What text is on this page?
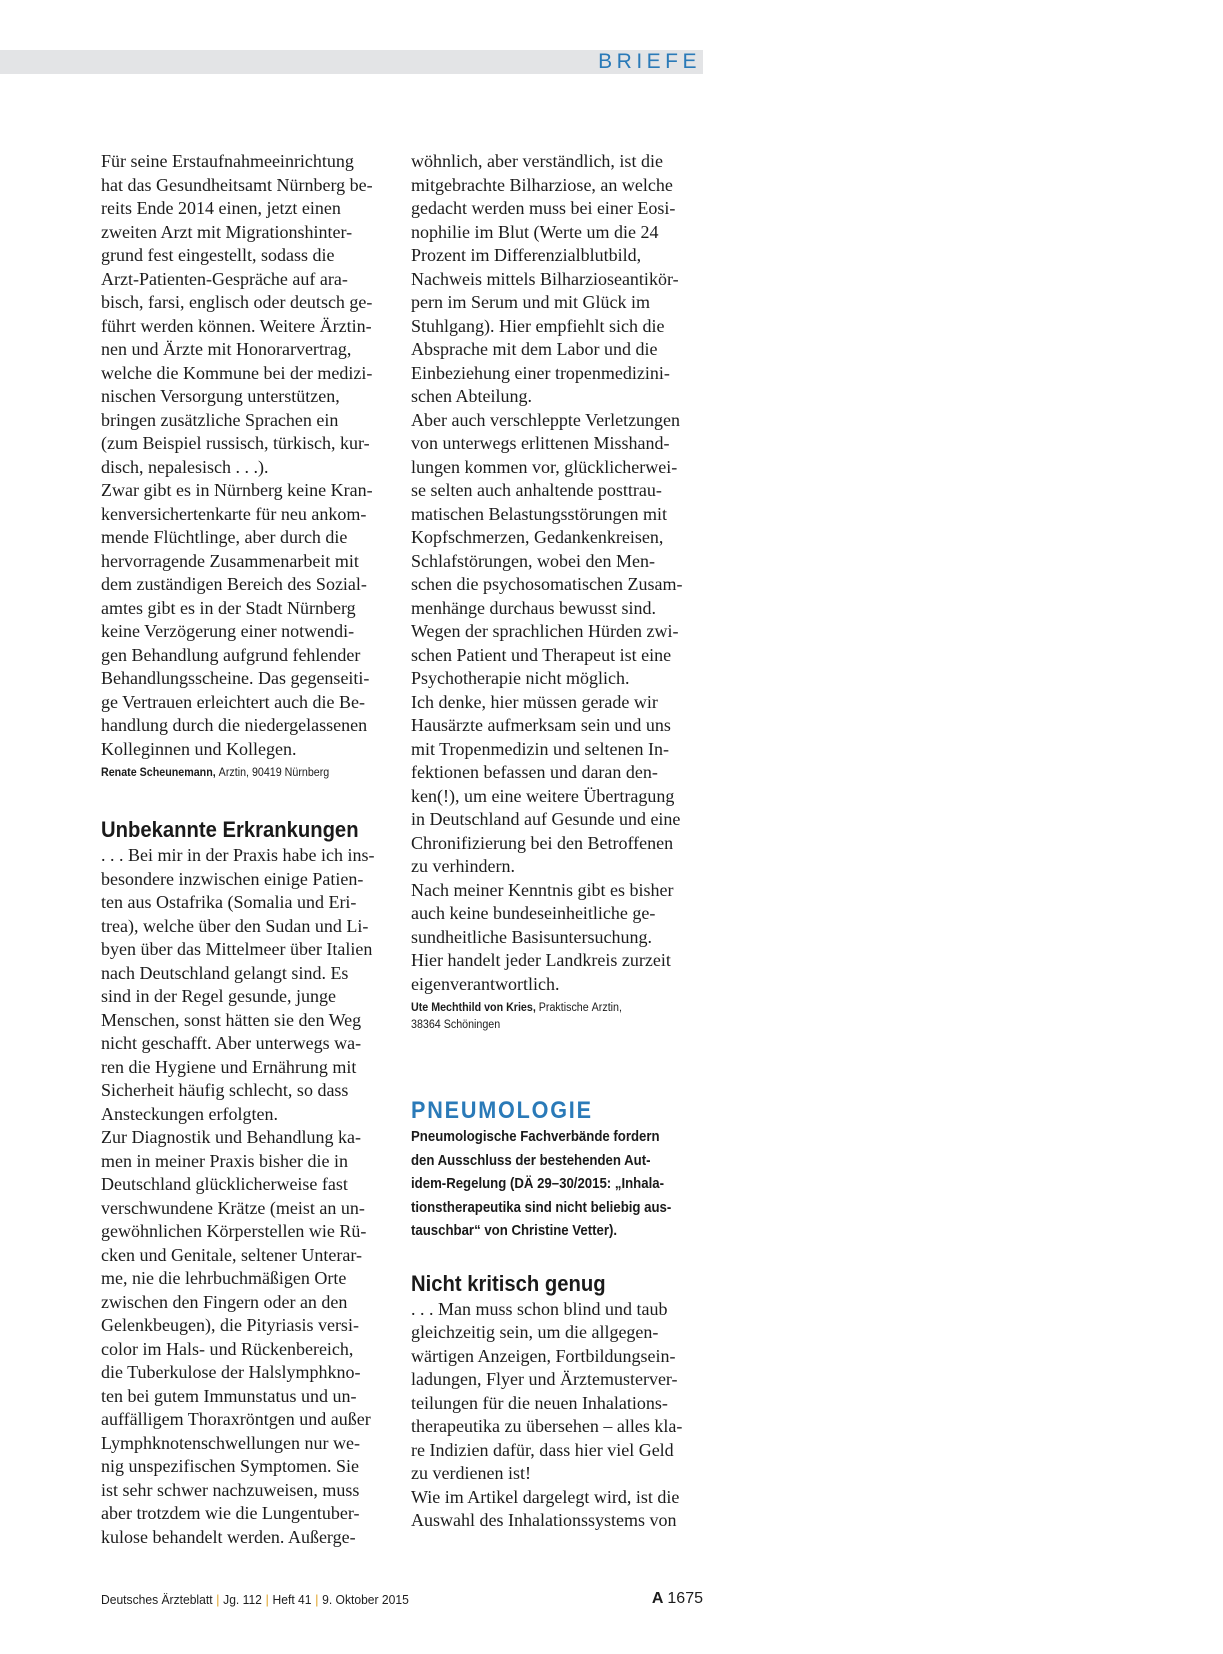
BRIEFE
Für seine Erstaufnahmeeinrichtung
hat das Gesundheitsamt Nürnberg be-
reits Ende 2014 einen, jetzt einen
zweiten Arzt mit Migrationshinter-
grund fest eingestellt, sodass die
Arzt-Patienten-Gespräche auf ara-
bisch, farsi, englisch oder deutsch ge-
führt werden können. Weitere Ärztin-
nen und Ärzte mit Honorarvertrag,
welche die Kommune bei der medizi-
nischen Versorgung unterstützen,
bringen zusätzliche Sprachen ein
(zum Beispiel russisch, türkisch, kur-
disch, nepalesisch . . .).
Zwar gibt es in Nürnberg keine Kran-
kenversichertenkarte für neu ankom-
mende Flüchtlinge, aber durch die
hervorragende Zusammenarbeit mit
dem zuständigen Bereich des Sozial-
amtes gibt es in der Stadt Nürnberg
keine Verzögerung einer notwendi-
gen Behandlung aufgrund fehlender
Behandlungsscheine. Das gegenseiti-
ge Vertrauen erleichtert auch die Be-
handlung durch die niedergelassenen
Kolleginnen und Kollegen.
Renate Scheunemann, Ärztin, 90419 Nürnberg
Unbekannte Erkrankungen
. . . Bei mir in der Praxis habe ich ins-
besondere inzwischen einige Patien-
ten aus Ostafrika (Somalia und Eri-
trea), welche über den Sudan und Li-
byen über das Mittelmeer über Italien
nach Deutschland gelangt sind. Es
sind in der Regel gesunde, junge
Menschen, sonst hätten sie den Weg
nicht geschafft. Aber unterwegs wa-
ren die Hygiene und Ernährung mit
Sicherheit häufig schlecht, so dass
Ansteckungen erfolgten.
Zur Diagnostik und Behandlung ka-
men in meiner Praxis bisher die in
Deutschland glücklicherweise fast
verschwundene Krätze (meist an un-
gewöhnlichen Körperstellen wie Rü-
cken und Genitale, seltener Unterar-
me, nie die lehrbuchmäßigen Orte
zwischen den Fingern oder an den
Gelenkbeugen), die Pityriasis versi-
color im Hals- und Rückenbereich,
die Tuberkulose der Halslymphkno-
ten bei gutem Immunstatus und un-
auffälligem Thoraxröntgen und außer
Lymphknotenschwellungen nur we-
nig unspezifischen Symptomen. Sie
ist sehr schwer nachzuweisen, muss
aber trotzdem wie die Lungentuber-
kulose behandelt werden. Außerge-
wöhnlich, aber verständlich, ist die
mitgebrachte Bilharziose, an welche
gedacht werden muss bei einer Eosi-
nophilie im Blut (Werte um die 24
Prozent im Differenzialblutbild,
Nachweis mittels Bilharzioseantikör-
pern im Serum und mit Glück im
Stuhlgang). Hier empfiehlt sich die
Absprache mit dem Labor und die
Einbeziehung einer tropenmedizini-
schen Abteilung.
Aber auch verschleppte Verletzungen
von unterwegs erlittenen Misshand-
lungen kommen vor, glücklicherwei-
se selten auch anhaltende posttrau-
matischen Belastungsstörungen mit
Kopfschmerzen, Gedankenkreisen,
Schlafstörungen, wobei den Men-
schen die psychosomatischen Zusam-
menhänge durchaus bewusst sind.
Wegen der sprachlichen Hürden zwi-
schen Patient und Therapeut ist eine
Psychotherapie nicht möglich.
Ich denke, hier müssen gerade wir
Hausärzte aufmerksam sein und uns
mit Tropenmedizin und seltenen In-
fektionen befassen und daran den-
ken(!), um eine weitere Übertragung
in Deutschland auf Gesunde und eine
Chronifizierung bei den Betroffenen
zu verhindern.
Nach meiner Kenntnis gibt es bisher
auch keine bundeseinheitliche ge-
sundheitliche Basisuntersuchung.
Hier handelt jeder Landkreis zurzeit
eigenverantwortlich.
Ute Mechthild von Kries, Praktische Ärztin,
38364 Schöningen
PNEUMOLOGIE
Pneumologische Fachverbände fordern
den Ausschluss der bestehenden Aut-
idem-Regelung (DÄ 29–30/2015: „Inhala-
tionstherapeutika sind nicht beliebig aus-
tauschbar“ von Christine Vetter).
Nicht kritisch genug
. . . Man muss schon blind und taub
gleichzeitig sein, um die allgegen-
wärtigen Anzeigen, Fortbildungsein-
ladungen, Flyer und Ärztemusterver-
teilungen für die neuen Inhalations-
therapeutika zu übersehen – alles kla-
re Indizien dafür, dass hier viel Geld
zu verdienen ist!
Wie im Artikel dargelegt wird, ist die
Auswahl des Inhalationssystems von
Deutsches Ärzteblatt | Jg. 112 | Heft 41 | 9. Oktober 2015	A 1675
